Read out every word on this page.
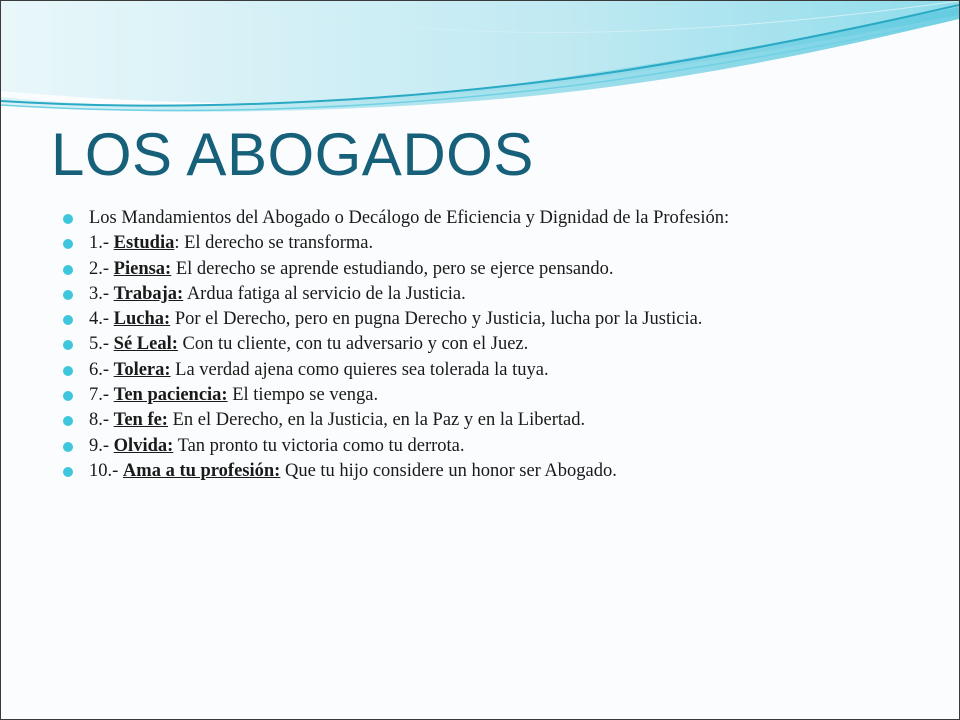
LOS ABOGADOS
Los Mandamientos del Abogado o Decálogo de Eficiencia y Dignidad de la Profesión:
1.- Estudia: El derecho se transforma.
2.- Piensa: El derecho se aprende estudiando, pero se ejerce pensando.
3.- Trabaja: Ardua fatiga al servicio de la Justicia.
4.- Lucha: Por el Derecho, pero en pugna Derecho y Justicia, lucha por la Justicia.
5.- Sé Leal: Con tu cliente, con tu adversario y con el Juez.
6.- Tolera: La verdad ajena como quieres sea tolerada la tuya.
7.- Ten paciencia: El tiempo se venga.
8.- Ten fe: En el Derecho, en la Justicia, en la Paz y en la Libertad.
9.- Olvida: Tan pronto tu victoria como tu derrota.
10.- Ama a tu profesión: Que tu hijo considere un honor ser Abogado.
